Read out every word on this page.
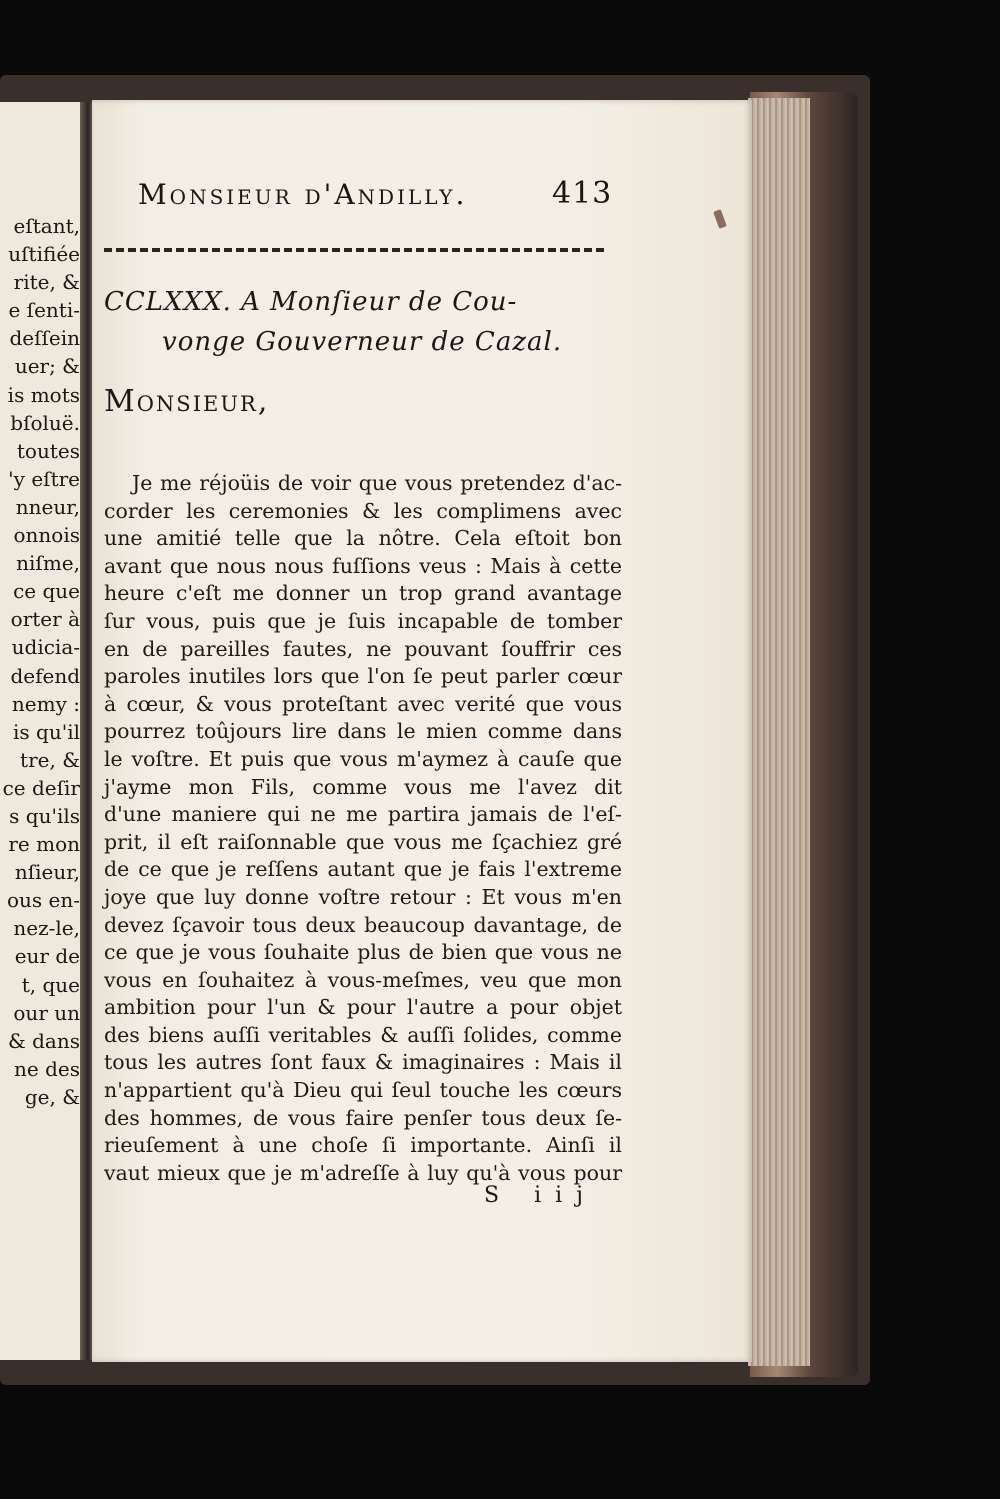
eſtant,
uſtifiée
rite, &
e ſenti-
deſſein
uer; &
is mots
bſoluë.
toutes
'y eſtre
nneur,
onnois
niſme,
ce que
orter à
udicia-
defend
nemy :
is qu'il
tre, &
ce deſir
s qu'ils
re mon
nſieur,
ous en-
nez-le,
eur de
t, que
our un
& dans
ne des
ge, &
Monsieur d'Andilly.	413
CCLXXX. A Monſieur de Cou-
vonge Gouverneur de Cazal.
Monsieur,
Je me réjoüis de voir que vous pretendez d'ac-
corder les ceremonies & les complimens avec
une amitié telle que la nôtre. Cela eſtoit bon
avant que nous nous fuſſions veus : Mais à cette
heure c'eſt me donner un trop grand avantage
ſur vous, puis que je ſuis incapable de tomber
en de pareilles fautes, ne pouvant ſouffrir ces
paroles inutiles lors que l'on ſe peut parler cœur
à cœur, & vous proteſtant avec verité que vous
pourrez toûjours lire dans le mien comme dans
le voſtre. Et puis que vous m'aymez à cauſe que
j'ayme mon Fils, comme vous me l'avez dit
d'une maniere qui ne me partira jamais de l'eſ-
prit, il eſt raiſonnable que vous me ſçachiez gré
de ce que je reſſens autant que je fais l'extreme
joye que luy donne voſtre retour : Et vous m'en
devez ſçavoir tous deux beaucoup davantage, de
ce que je vous ſouhaite plus de bien que vous ne
vous en ſouhaitez à vous-meſmes, veu que mon
ambition pour l'un & pour l'autre a pour objet
des biens auſſi veritables & auſſi ſolides, comme
tous les autres ſont faux & imaginaires : Mais il
n'appartient qu'à Dieu qui ſeul touche les cœurs
des hommes, de vous faire penſer tous deux ſe-
rieuſement à une choſe ſi importante. Ainſi il
vaut mieux que je m'adreſſe à luy qu'à vous pour
S iij
